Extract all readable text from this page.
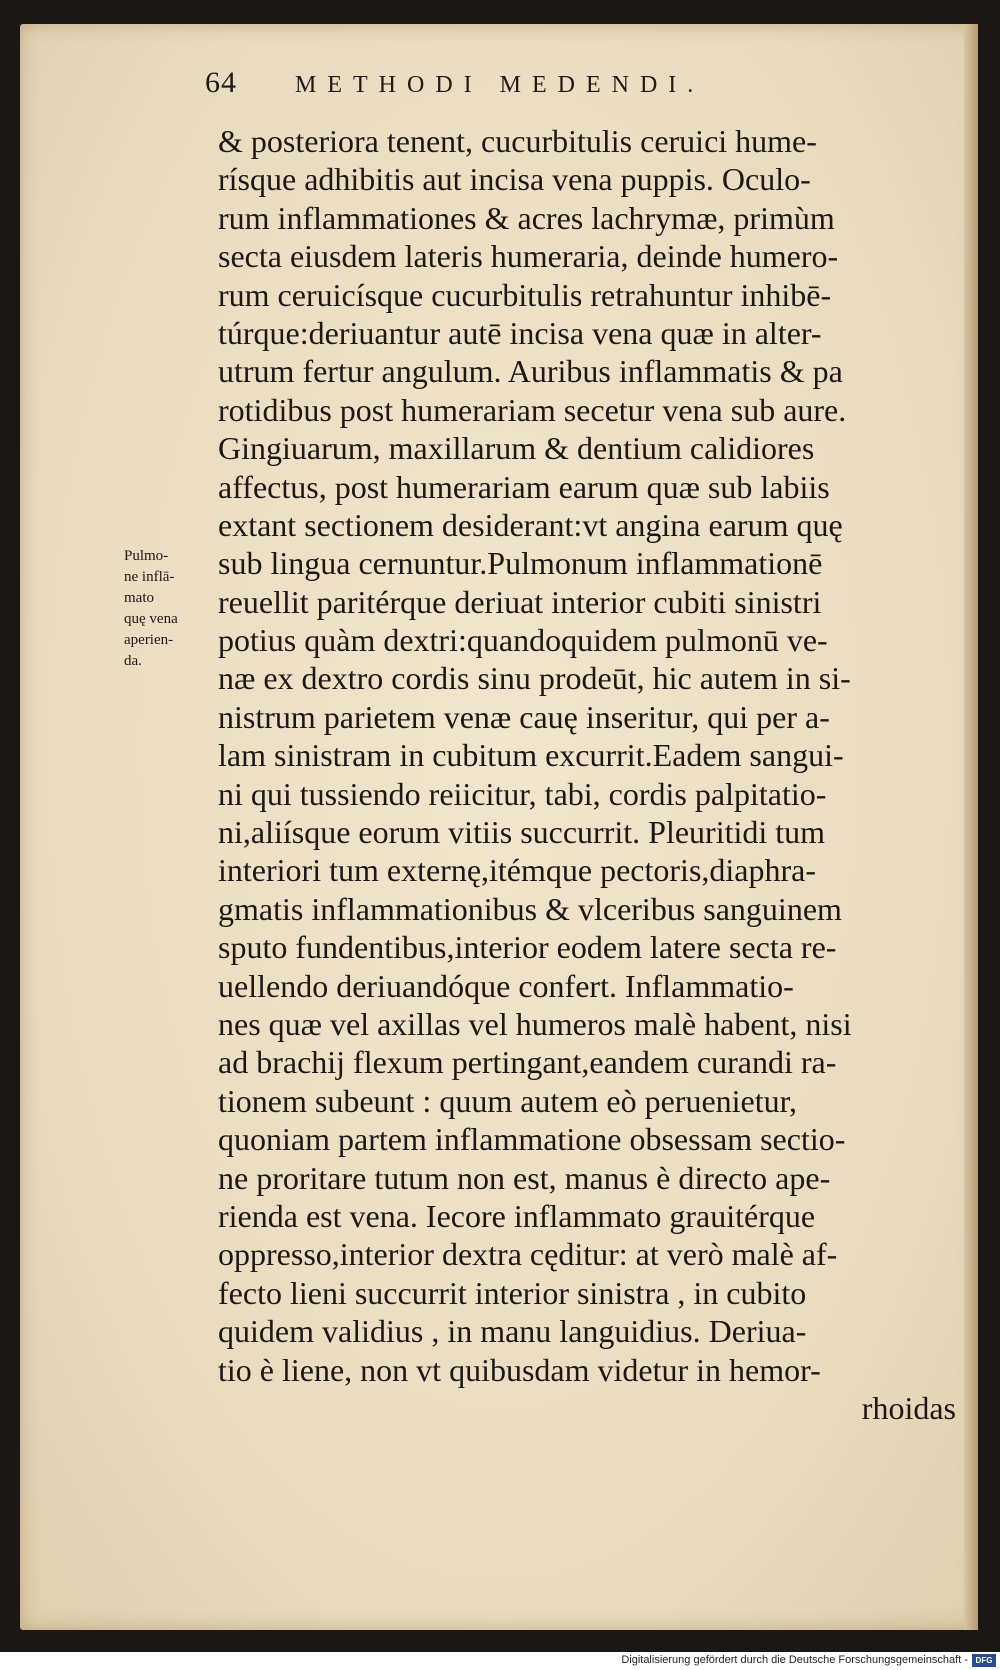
64	METHODI MEDENDI.
Pulmo-
ne inflā-
mato
quę vena
aperien-
da.
& posteriora tenent, cucurbitulis ceruici hume-
rísque adhibitis aut incisa vena puppis. Oculo-
rum inflammationes & acres lachrymæ, primùm
secta eiusdem lateris humeraria, deinde humero-
rum ceruicísque cucurbitulis retrahuntur inhibē-
túrque:deriuantur autē incisa vena quæ in alter-
utrum fertur angulum. Auribus inflammatis & pa
rotidibus post humerariam secetur vena sub aure.
Gingiuarum, maxillarum & dentium calidiores
affectus, post humerariam earum quæ sub labiis
extant sectionem desiderant:vt angina earum quę
sub lingua cernuntur.Pulmonum inflammationē
reuellit paritérque deriuat interior cubiti sinistri
potius quàm dextri:quandoquidem pulmonū ve-
næ ex dextro cordis sinu prodeūt, hic autem in si-
nistrum parietem venæ cauę inseritur, qui per a-
lam sinistram in cubitum excurrit.Eadem sangui-
ni qui tussiendo reiicitur, tabi, cordis palpitatio-
ni,aliísque eorum vitiis succurrit. Pleuritidi tum
interiori tum externę,itémque pectoris,diaphra-
gmatis inflammationibus & vlceribus sanguinem
sputo fundentibus,interior eodem latere secta re-
uellendo deriuandóque confert. Inflammatio-
nes quæ vel axillas vel humeros malè habent, nisi
ad brachij flexum pertingant,eandem curandi ra-
tionem subeunt : quum autem eò peruenietur,
quoniam partem inflammatione obsessam sectio-
ne proritare tutum non est, manus è directo ape-
rienda est vena. Iecore inflammato grauitérque
oppresso,interior dextra cęditur: at verò malè af-
fecto lieni succurrit interior sinistra , in cubito
quidem validius , in manu languidius. Deriua-
tio è liene, non vt quibusdam videtur in hemor-
rhoidas
Digitalisierung gefördert durch die Deutsche Forschungsgemeinschaft - DFG
